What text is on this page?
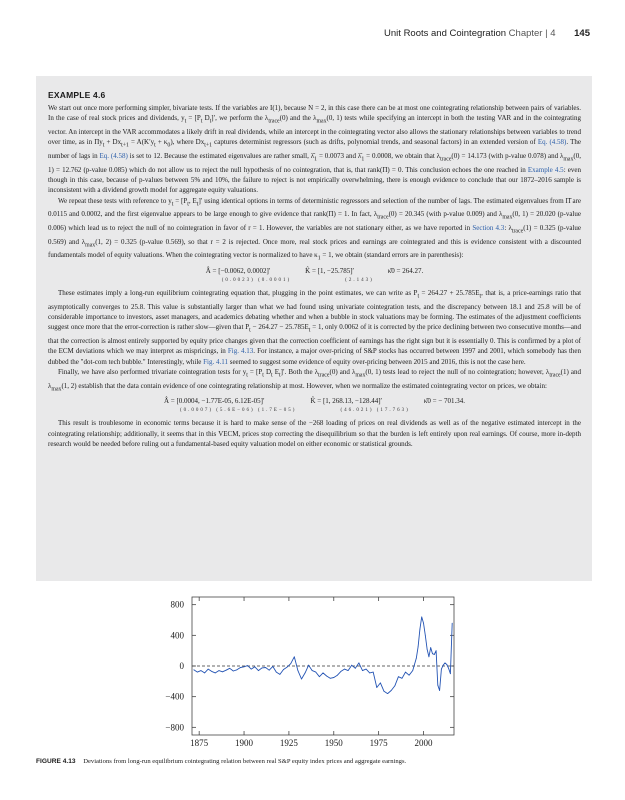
Unit Roots and Cointegration Chapter | 4 145
EXAMPLE 4.6

We start out once more performing simpler, bivariate tests. If the variables are I(1), because N = 2, in this case there can be at most one cointegrating relationship between pairs of variables. In the case of real stock prices and dividends, $y_t = [P_t$ $D_t]'$, we perform the $\lambda_{trace}(0)$ and the $\lambda_{max}(0$, 1) tests while specifying an intercept in both the testing VAR and in the cointegrating vector. An intercept in the VAR accommodates a likely drift in real dividends, while an intercept in the cointegrating vector also allows the stationary relationships between variables to trend over time, as in $\Pi y_t + Dx_{t+1} = A(K'y_t + \kappa_0)$, where $Dx_{t+1}$ captures determinist regressors (such as drifts, polynomial trends, and seasonal factors) in an extended version of Eq. (4.58). The number of lags in Eq. (4.58) is set to 12. Because the estimated eigenvalues are rather small, $\lambdâ_1 = 0.0073$ and $\lambdâ_1 = 0.0008$, we obtain that $\lambda_{trace}(0) = 14.173$ (with p-value 0.078) and $\lambda_{max}(0$, 1) = 12.762 (p-value 0.085) which do not allow us to reject the null hypothesis of no cointegration, that is, that rank(Π) = 0. This conclusion echoes the one reached in Example 4.5: even though in this case, because of p-values between 5% and 10%, the failure to reject is not empirically overwhelming, there is enough evidence to conclude that our 1872–2016 sample is inconsistent with a dividend growth model for aggregate equity valuations.

We repeat these tests with reference to $y_t = [P_t$, $E_t]'$ using identical options in terms of deterministic regressors and selection of the number of lags. The estimated eigenvalues from Π̂ are 0.0115 and 0.0002, and the first eigenvalue appears to be large enough to give evidence that rank(Π) = 1. In fact, $\lambda_{trace}(0) = 20.345$ (with p-value 0.009) and $\lambda_{max}(0$, 1) = 20.020 (p-value 0.006) which lead us to reject the null of no cointegration in favor of r = 1. However, the variables are not stationary either, as we have reported in Section 4.3: $\lambda_{trace}(1) = 0.325$ (p-value 0.569) and $\lambda_{max}(1$, 2) = 0.325 (p-value 0.569), so that r = 2 is rejected. Once more, real stock prices and earnings are cointegrated and this is evidence consistent with a discounted fundamentals model of equity valuations. When the cointegrating vector is normalized to have $\kappa_1 = 1$, we obtain (standard errors are in parenthesis):

Â = [−0.0062, 0.0002]′
(0.0023) (0.0001)
K̂ = [1, −25.785]′
(2.143)
κ̂0 = 264.27.

These estimates imply a long-run equilibrium cointegrating equation that, plugging in the point estimates, we can write as $P_t = 264.27 + 25.785E_t$, that is, a price-earnings ratio that asymptotically converges to 25.8. This value is substantially larger than what we had found using univariate cointegration tests, and the discrepancy between 18.1 and 25.8 will be of considerable importance to investors, asset managers, and academics debating whether and when a bubble in stock valuations may be forming. The estimates of the adjustment coefficients suggest once more that the error-correction is rather slow—given that $P_t - 264.27 - 25.785E_t = 1$, only 0.0062 of it is corrected by the price declining between two consecutive months—and that the correction is almost entirely supported by equity price changes given that the correction coefficient of earnings has the right sign but it is essentially 0. This is confirmed by a plot of the ECM deviations which we may interpret as mispricings, in Fig. 4.13. For instance, a major over-pricing of S&P stocks has occurred between 1997 and 2001, which somebody has then dubbed the "dot-com tech bubble." Interestingly, while Fig. 4.11 seemed to suggest some evidence of equity over-pricing between 2015 and 2016, this is not the case here.

Finally, we have also performed trivariate cointegration tests for $y_t = [P_t$ $D_t$ $E_t]'$. Both the $\lambda_{trace}(0)$ and $\lambda_{max}(0$, 1) tests lead to reject the null of no cointegration; however, $\lambda_{trace}(1)$ and $\lambda_{max}(1$, 2) establish that the data contain evidence of one cointegrating relationship at most. However, when we normalize the estimated cointegrating vector on prices, we obtain:

Â = [0.0004, −1.77E-05, 6.12E-05]′
(0.0007) (5.6E−06) (1.7E−05)
K̂ = [1, 268.13, −128.44]′
(46.021) (17.763)
κ̂0 = − 701.34.

This result is troublesome in economic terms because it is hard to make sense of the −268 loading of prices on real dividends as well as of the negative estimated intercept in the cointegrating relationship; additionally, it seems that in this VECM, prices stop correcting the disequilibrium so that the burden is left entirely upon real earnings. Of course, more in-depth research would be needed before ruling out a fundamental-based equity valuation model on either economic or statistical grounds.

800
400
0
−400
−800
1875	1900	1925	1950	1975	2000
FIGURE 4.13 Deviations from long-run equilibrium cointegrating relation between real S&P equity index prices and aggregate earnings.
